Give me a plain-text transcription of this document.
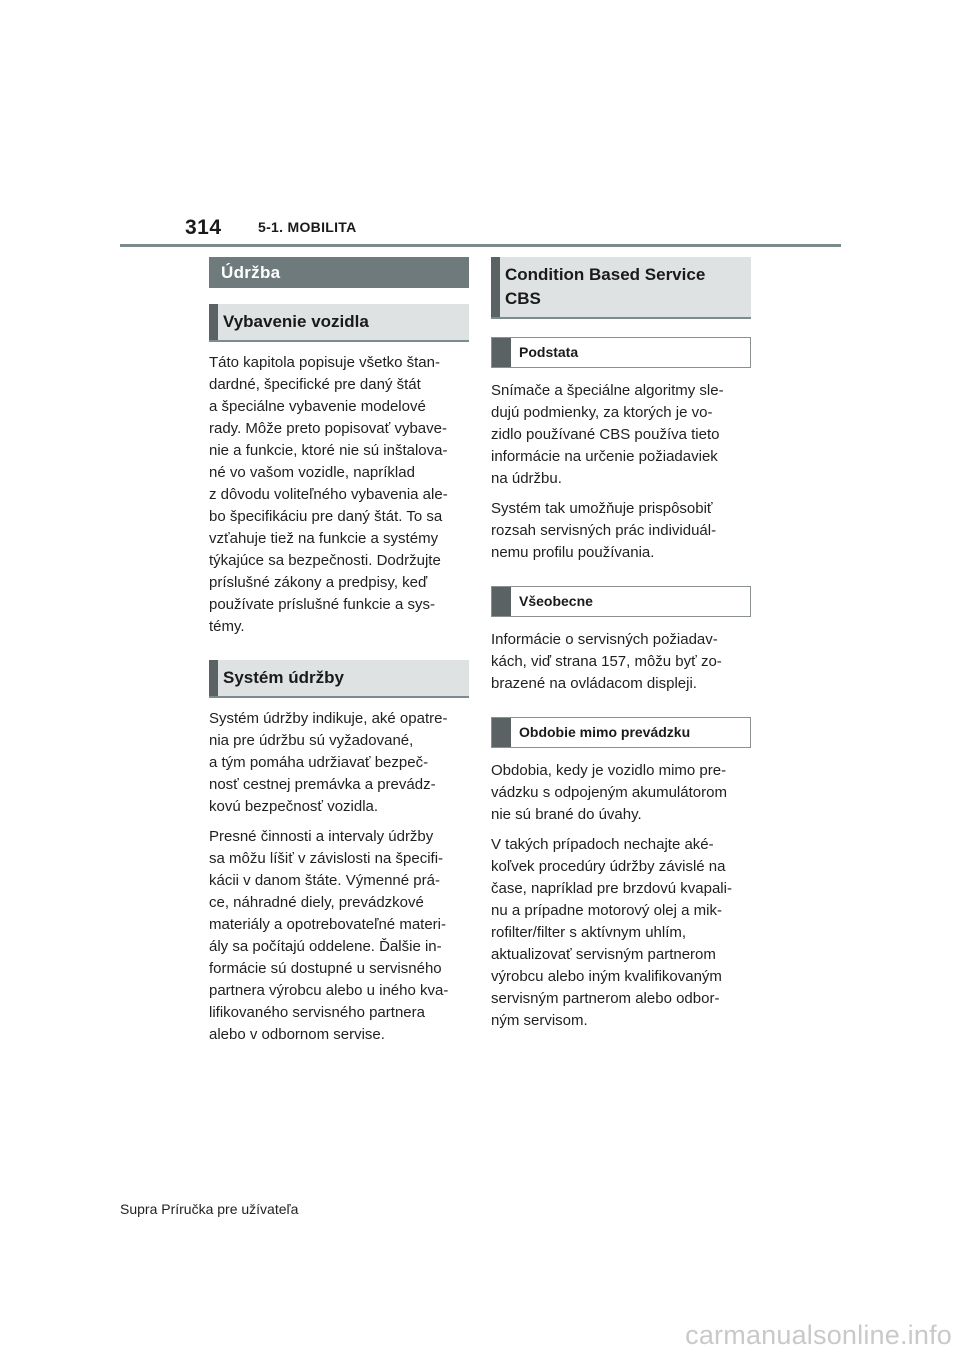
314	5-1. MOBILITA
Údržba
Vybavenie vozidla

Táto kapitola popisuje všetko štan-
dardné, špecifické pre daný štát
a špeciálne vybavenie modelové
rady. Môže preto popisovať vybave-
nie a funkcie, ktoré nie sú inštalova-
né vo vašom vozidle, napríklad
z dôvodu voliteľného vybavenia ale-
bo špecifikáciu pre daný štát. To sa
vzťahuje tiež na funkcie a systémy
týkajúce sa bezpečnosti. Dodržujte
príslušné zákony a predpisy, keď
používate príslušné funkcie a sys-
témy.

Systém údržby

Systém údržby indikuje, aké opatre-
nia pre údržbu sú vyžadované,
a tým pomáha udržiavať bezpeč-
nosť cestnej premávka a prevádz-
kovú bezpečnosť vozidla.

Presné činnosti a intervaly údržby
sa môžu líšiť v závislosti na špecifi-
kácii v danom štáte. Výmenné prá-
ce, náhradné diely, prevádzkové
materiály a opotrebovateľné materi-
ály sa počítajú oddelene. Ďalšie in-
formácie sú dostupné u servisného
partnera výrobcu alebo u iného kva-
lifikovaného servisného partnera
alebo v odbornom servise.

Condition Based Service
CBS
Podstata

Snímače a špeciálne algoritmy sle-
dujú podmienky, za ktorých je vo-
zidlo používané CBS používa tieto
informácie na určenie požiadaviek
na údržbu.

Systém tak umožňuje prispôsobiť
rozsah servisných prác individuál-
nemu profilu používania.

Všeobecne

Informácie o servisných požiadav-
kách, viď strana 157, môžu byť zo-
brazené na ovládacom displeji.

Obdobie mimo prevádzku

Obdobia, kedy je vozidlo mimo pre-
vádzku s odpojeným akumulátorom
nie sú brané do úvahy.

V takých prípadoch nechajte aké-
koľvek procedúry údržby závislé na
čase, napríklad pre brzdovú kvapali-
nu a prípadne motorový olej a mik-
rofilter/filter s aktívnym uhlím,
aktualizovať servisným partnerom
výrobcu alebo iným kvalifikovaným
servisným partnerom alebo odbor-
ným servisom.

Supra Príručka pre užívateľa
carmanualsonline.info
